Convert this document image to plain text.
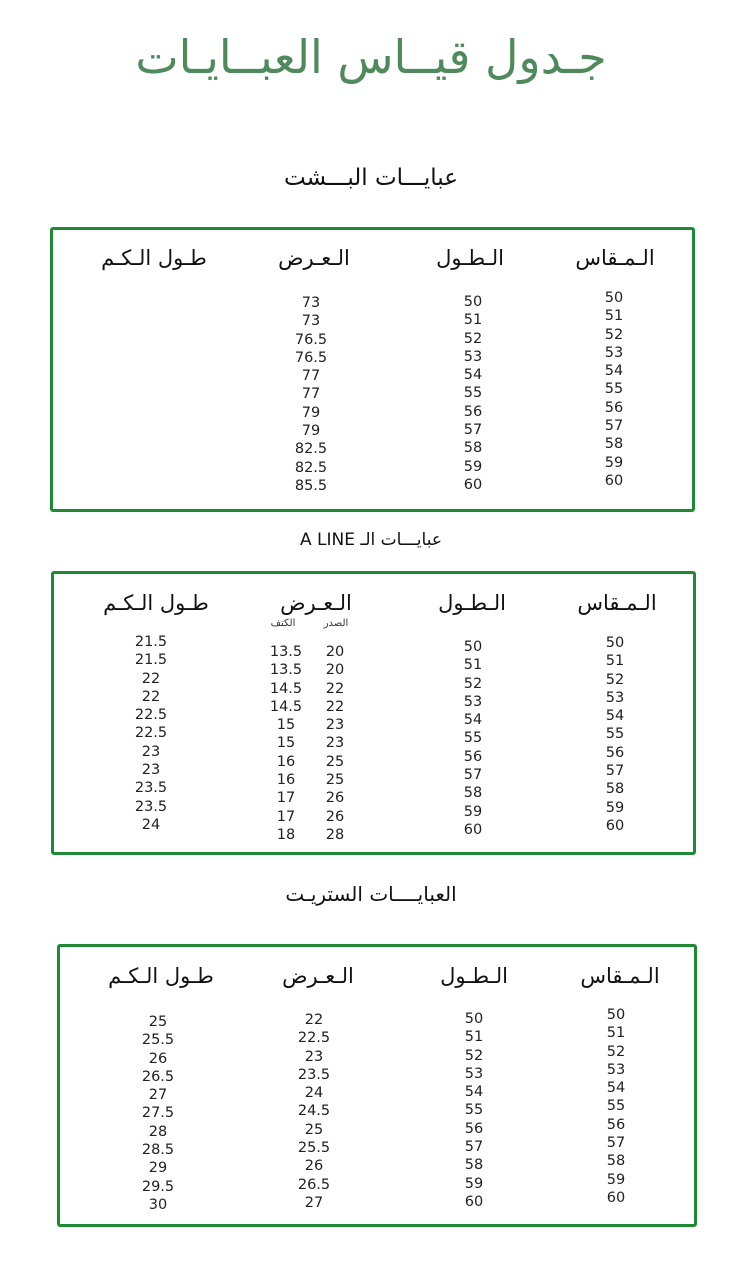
جـدول قيــاس العبــايـات
عبايـــات البـــشت
الـمـقاس
الـطـول
الـعـرض
طـول الـكـم
50
51
52
53
54
55
56
57
58
59
60
50
51
52
53
54
55
56
57
58
59
60
73
73
76.5
76.5
77
77
79
79
82.5
82.5
85.5
عبايـــات الـ A LINE
الـمـقاس
الـطـول
الـعـرض
طـول الـكـم
الصدر
الكتف
50
51
52
53
54
55
56
57
58
59
60
50
51
52
53
54
55
56
57
58
59
60
20
20
22
22
23
23
25
25
26
26
28
13.5
13.5
14.5
14.5
15
15
16
16
17
17
18
21.5
21.5
22
22
22.5
22.5
23
23
23.5
23.5
24
العبايــــات الستريـت
الـمـقاس
الـطـول
الـعـرض
طـول الـكـم
50
51
52
53
54
55
56
57
58
59
60
50
51
52
53
54
55
56
57
58
59
60
22
22.5
23
23.5
24
24.5
25
25.5
26
26.5
27
25
25.5
26
26.5
27
27.5
28
28.5
29
29.5
30
